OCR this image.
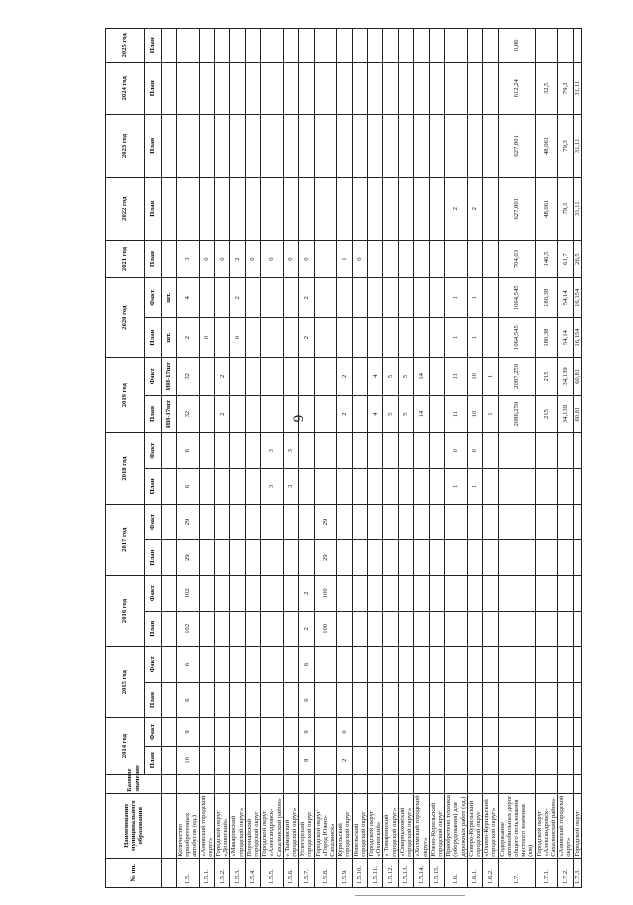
6
№ пп.	Наименование муниципального образования	Базовое значение	2014 год		2015 год		2016 год		2017 год		2018 год		2019 год		2020 год		2021 год	2022 год	2023 год	2024 год	2025 год
			План	Факт	План	Факт	План	Факт	План	Факт	План	Факт	План	Факт	План	Факт	План	План	План	План	План
													ИИ-17шт	ИИ-17шт	шт.	шт.					
1.5.	Количество приобретенных автобусов (ед.)		10	9	6	6	102	102	29	29	6	6	32	32	2	4	3				
1.5.1.	«Анивский городской округ»														0		0				
1.5.2.	Городской округ «Долинский»												2	2			0				
1.5.3.	«Макаровский городской округ»														0	2	2				
1.5.4.	Поронайский городской округ																0				
1.5.5.	Городской округ «Александровск-Сахалинский район»										3	3					0				
1.5.6.	« Тымовский городской округ»										3	3					0				
1.5.7.	Углегорский городской округ		8	9	6	6	2	2							2	2	0				
1.5.8.	Городской округ «Город Южно-Сахалинск»						100	100	29	29											
1.5.9.	Курильский городской округ		2	0									2	2			1				
1.5.10.	Невельский городской округ																0				
1.5.11.	Городской округ «Охинский»												4	4							
1.5.12.	« Томаринский городской округ»												5	5							
1.5.13.	«Смирныховский городской округ»												5	5							
1.5.14.	«Холмский городской округ»												14	14							
1.5.15.	Южно-Курильский городской округ																				
1.6.	Приобретено техники (оборудования) для дорожных работ (ед.)										1	0	11	11	1	1		2			
1.6.1.	Северо-Курильский городской округ										1	0	10	10	1	1		2			
1.6.2.	«Охино-Курильский городской округ»												1	1							
1.7.	Содержание автомобильных дорог общего пользования местного значения (км)												2086,259	2087,259	1064,545	1064,545	704,03	627,801	627,801	612,24	0,86
1.7.1.	Городской округ «Александровск-Сахалинский район»												215	215	180,38	180,38	146,5	48,061	48,061	32,5	
1.7.2.	«Анивский городской округ»												34,139	34,139	54,14	54,14	61,7	79,3	79,3	79,3	
1.7.3.	Городской округ												60,81	60,81	16,154	16,154	26,5	31,11	31,11	31,11	
